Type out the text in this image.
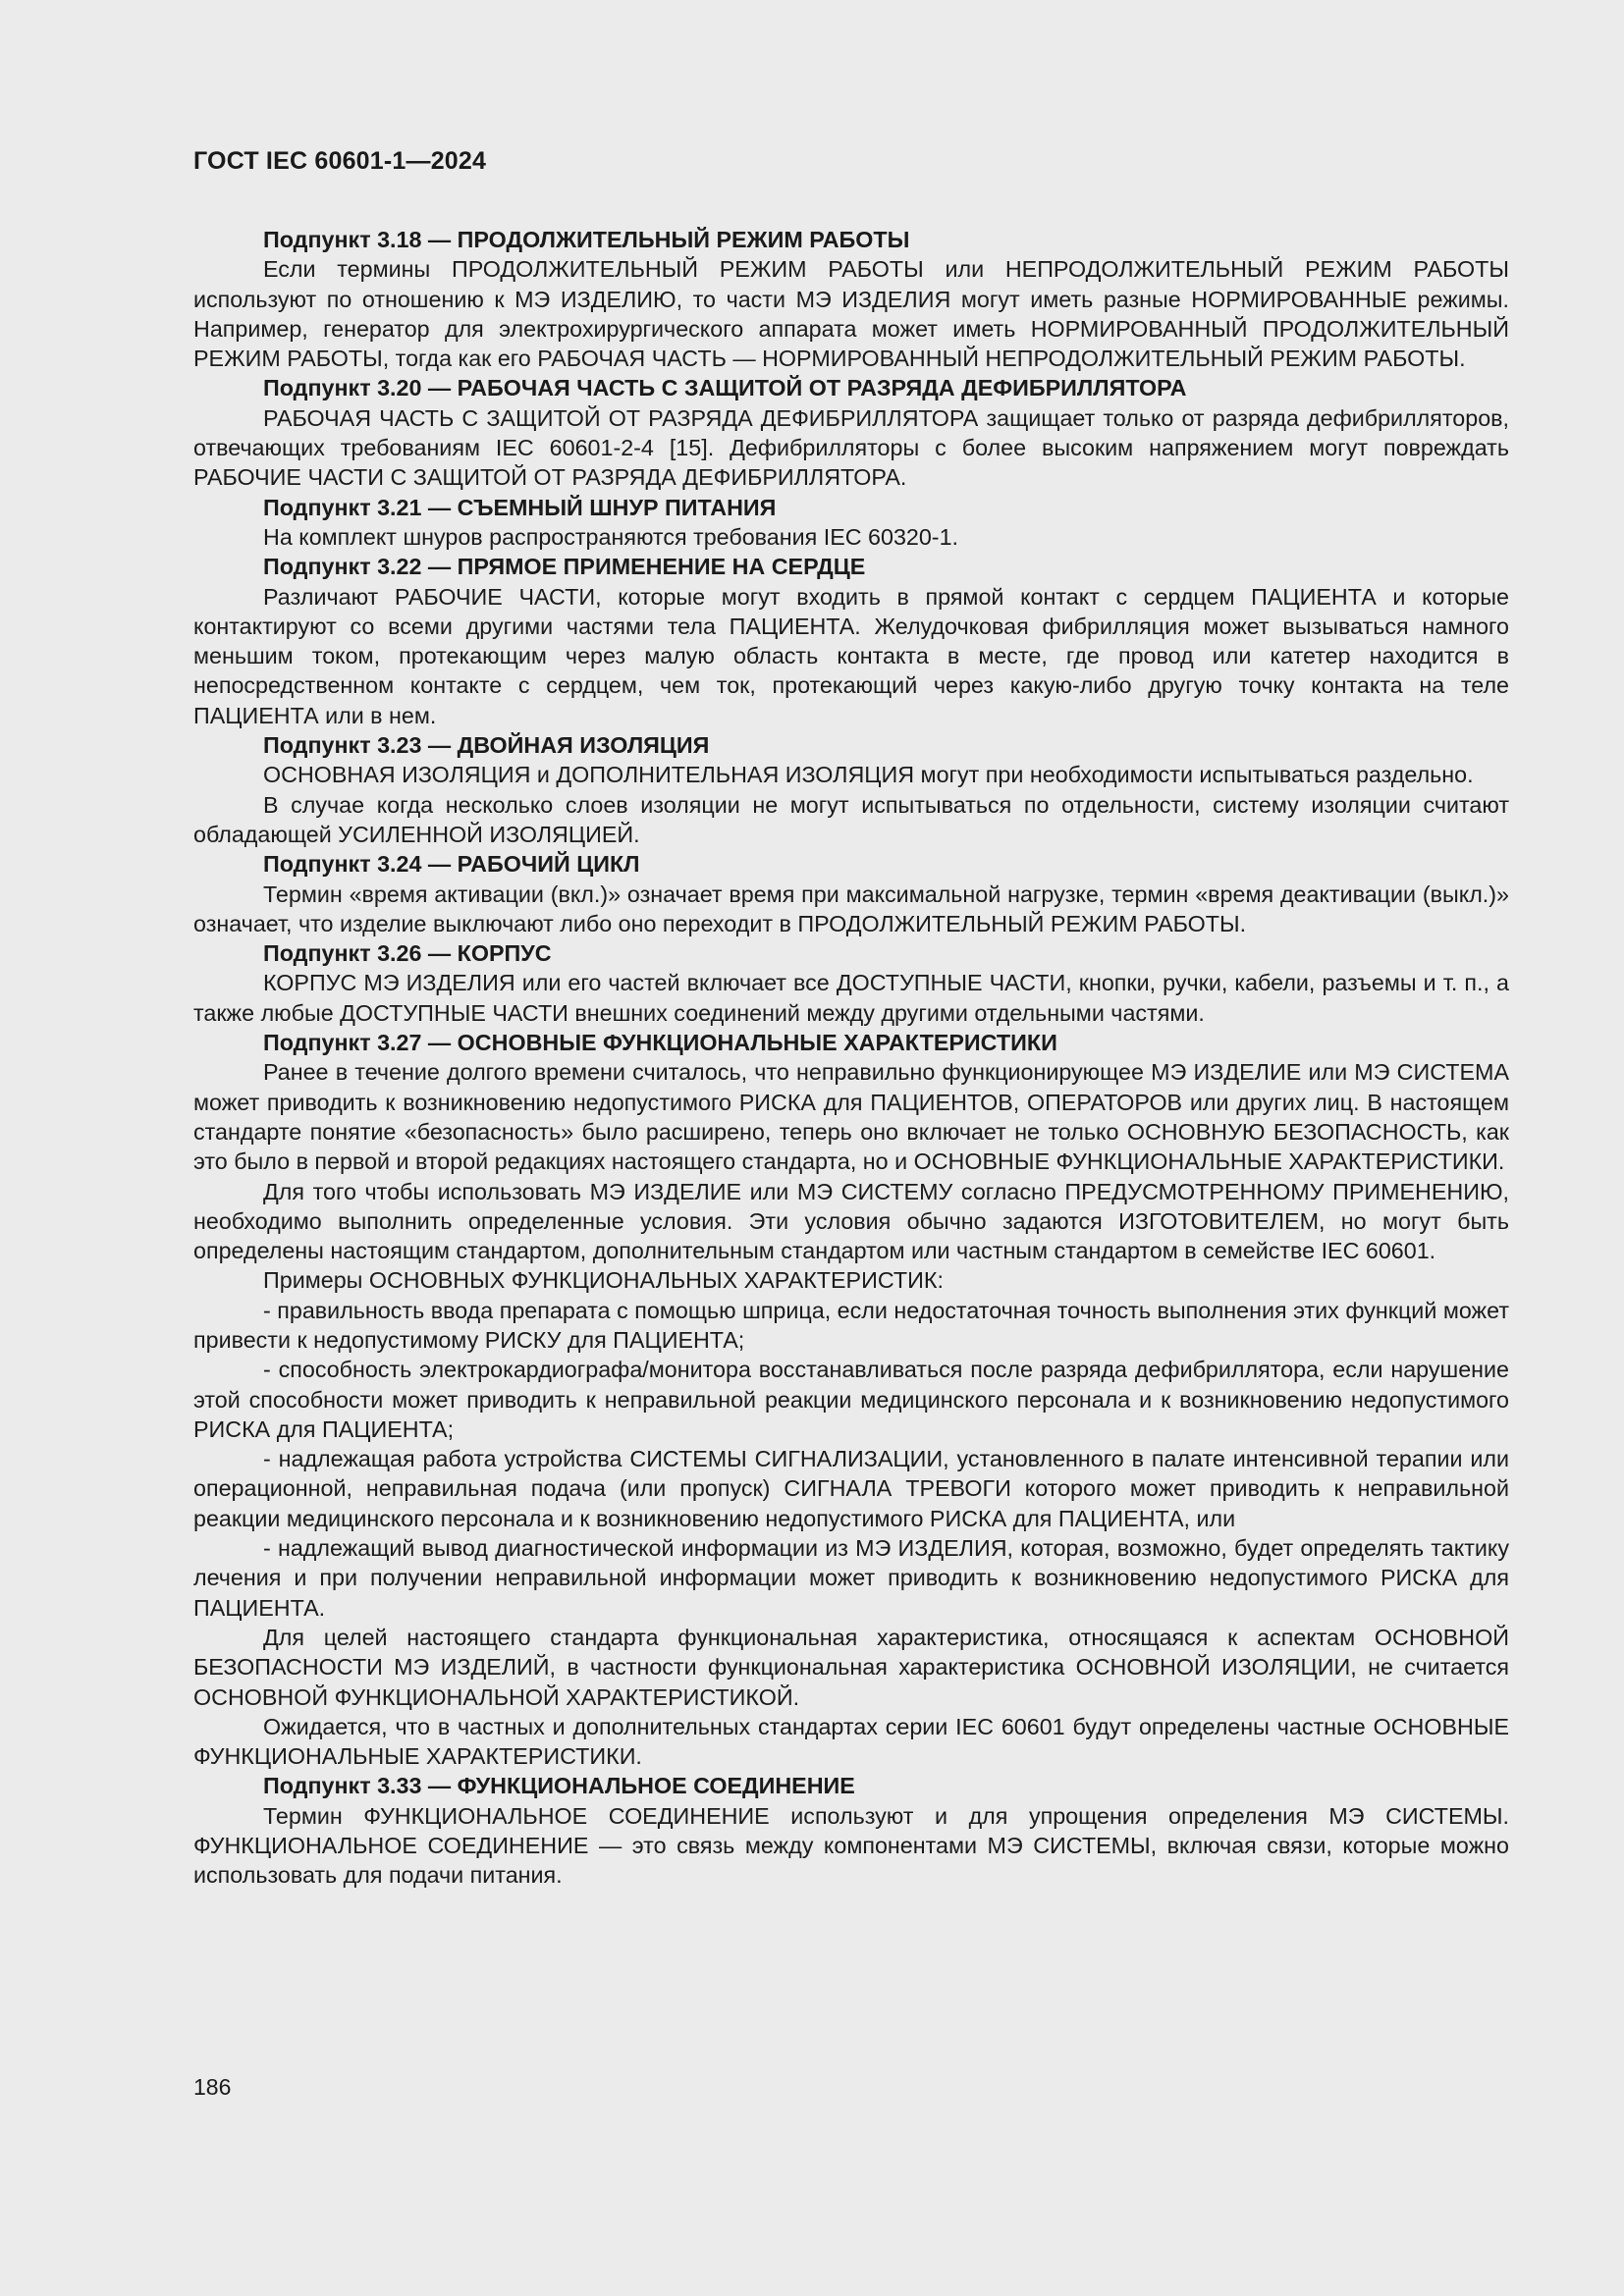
ГОСТ IEC 60601-1—2024

Подпункт 3.18 — ПРОДОЛЖИТЕЛЬНЫЙ РЕЖИМ РАБОТЫ

Если термины ПРОДОЛЖИТЕЛЬНЫЙ РЕЖИМ РАБОТЫ или НЕПРОДОЛЖИТЕЛЬНЫЙ РЕЖИМ РАБОТЫ используют по отношению к МЭ ИЗДЕЛИЮ, то части МЭ ИЗДЕЛИЯ могут иметь разные НОРМИРОВАННЫЕ режимы. Например, генератор для электрохирургического аппарата может иметь НОРМИРОВАННЫЙ ПРОДОЛЖИТЕЛЬНЫЙ РЕЖИМ РАБОТЫ, тогда как его РАБОЧАЯ ЧАСТЬ — НОРМИРОВАННЫЙ НЕПРОДОЛЖИТЕЛЬНЫЙ РЕЖИМ РАБОТЫ.

Подпункт 3.20 — РАБОЧАЯ ЧАСТЬ С ЗАЩИТОЙ ОТ РАЗРЯДА ДЕФИБРИЛЛЯТОРА

РАБОЧАЯ ЧАСТЬ С ЗАЩИТОЙ ОТ РАЗРЯДА ДЕФИБРИЛЛЯТОРА защищает только от разряда дефибрилляторов, отвечающих требованиям IEC 60601-2-4 [15]. Дефибрилляторы с более высоким напряжением могут повреждать РАБОЧИЕ ЧАСТИ С ЗАЩИТОЙ ОТ РАЗРЯДА ДЕФИБРИЛЛЯТОРА.

Подпункт 3.21 — СЪЕМНЫЙ ШНУР ПИТАНИЯ

На комплект шнуров распространяются требования IEC 60320-1.

Подпункт 3.22 — ПРЯМОЕ ПРИМЕНЕНИЕ НА СЕРДЦЕ

Различают РАБОЧИЕ ЧАСТИ, которые могут входить в прямой контакт с сердцем ПАЦИЕНТА и которые контактируют со всеми другими частями тела ПАЦИЕНТА. Желудочковая фибрилляция может вызываться намного меньшим током, протекающим через малую область контакта в месте, где провод или катетер находится в непосредственном контакте с сердцем, чем ток, протекающий через какую-либо другую точку контакта на теле ПАЦИЕНТА или в нем.

Подпункт 3.23 — ДВОЙНАЯ ИЗОЛЯЦИЯ

ОСНОВНАЯ ИЗОЛЯЦИЯ и ДОПОЛНИТЕЛЬНАЯ ИЗОЛЯЦИЯ могут при необходимости испытываться раздельно.

В случае когда несколько слоев изоляции не могут испытываться по отдельности, систему изоляции считают обладающей УСИЛЕННОЙ ИЗОЛЯЦИЕЙ.

Подпункт 3.24 — РАБОЧИЙ ЦИКЛ

Термин «время активации (вкл.)» означает время при максимальной нагрузке, термин «время деактивации (выкл.)» означает, что изделие выключают либо оно переходит в ПРОДОЛЖИТЕЛЬНЫЙ РЕЖИМ РАБОТЫ.

Подпункт 3.26 — КОРПУС

КОРПУС МЭ ИЗДЕЛИЯ или его частей включает все ДОСТУПНЫЕ ЧАСТИ, кнопки, ручки, кабели, разъемы и т. п., а также любые ДОСТУПНЫЕ ЧАСТИ внешних соединений между другими отдельными частями.

Подпункт 3.27 — ОСНОВНЫЕ ФУНКЦИОНАЛЬНЫЕ ХАРАКТЕРИСТИКИ

Ранее в течение долгого времени считалось, что неправильно функционирующее МЭ ИЗДЕЛИЕ или МЭ СИСТЕМА может приводить к возникновению недопустимого РИСКА для ПАЦИЕНТОВ, ОПЕРАТОРОВ или других лиц. В настоящем стандарте понятие «безопасность» было расширено, теперь оно включает не только ОСНОВНУЮ БЕЗОПАСНОСТЬ, как это было в первой и второй редакциях настоящего стандарта, но и ОСНОВНЫЕ ФУНКЦИОНАЛЬНЫЕ ХАРАКТЕРИСТИКИ.

Для того чтобы использовать МЭ ИЗДЕЛИЕ или МЭ СИСТЕМУ согласно ПРЕДУСМОТРЕННОМУ ПРИМЕНЕНИЮ, необходимо выполнить определенные условия. Эти условия обычно задаются ИЗГОТОВИТЕЛЕМ, но могут быть определены настоящим стандартом, дополнительным стандартом или частным стандартом в семействе IEC 60601.

Примеры ОСНОВНЫХ ФУНКЦИОНАЛЬНЫХ ХАРАКТЕРИСТИК:

- правильность ввода препарата с помощью шприца, если недостаточная точность выполнения этих функций может привести к недопустимому РИСКУ для ПАЦИЕНТА;

- способность электрокардиографа/монитора восстанавливаться после разряда дефибриллятора, если нарушение этой способности может приводить к неправильной реакции медицинского персонала и к возникновению недопустимого РИСКА для ПАЦИЕНТА;

- надлежащая работа устройства СИСТЕМЫ СИГНАЛИЗАЦИИ, установленного в палате интенсивной терапии или операционной, неправильная подача (или пропуск) СИГНАЛА ТРЕВОГИ которого может приводить к неправильной реакции медицинского персонала и к возникновению недопустимого РИСКА для ПАЦИЕНТА, или

- надлежащий вывод диагностической информации из МЭ ИЗДЕЛИЯ, которая, возможно, будет определять тактику лечения и при получении неправильной информации может приводить к возникновению недопустимого РИСКА для ПАЦИЕНТА.

Для целей настоящего стандарта функциональная характеристика, относящаяся к аспектам ОСНОВНОЙ БЕЗОПАСНОСТИ МЭ ИЗДЕЛИЙ, в частности функциональная характеристика ОСНОВНОЙ ИЗОЛЯЦИИ, не считается ОСНОВНОЙ ФУНКЦИОНАЛЬНОЙ ХАРАКТЕРИСТИКОЙ.

Ожидается, что в частных и дополнительных стандартах серии IEC 60601 будут определены частные ОСНОВНЫЕ ФУНКЦИОНАЛЬНЫЕ ХАРАКТЕРИСТИКИ.

Подпункт 3.33 — ФУНКЦИОНАЛЬНОЕ СОЕДИНЕНИЕ

Термин ФУНКЦИОНАЛЬНОЕ СОЕДИНЕНИЕ используют и для упрощения определения МЭ СИСТЕМЫ. ФУНКЦИОНАЛЬНОЕ СОЕДИНЕНИЕ — это связь между компонентами МЭ СИСТЕМЫ, включая связи, которые можно использовать для подачи питания.

186
